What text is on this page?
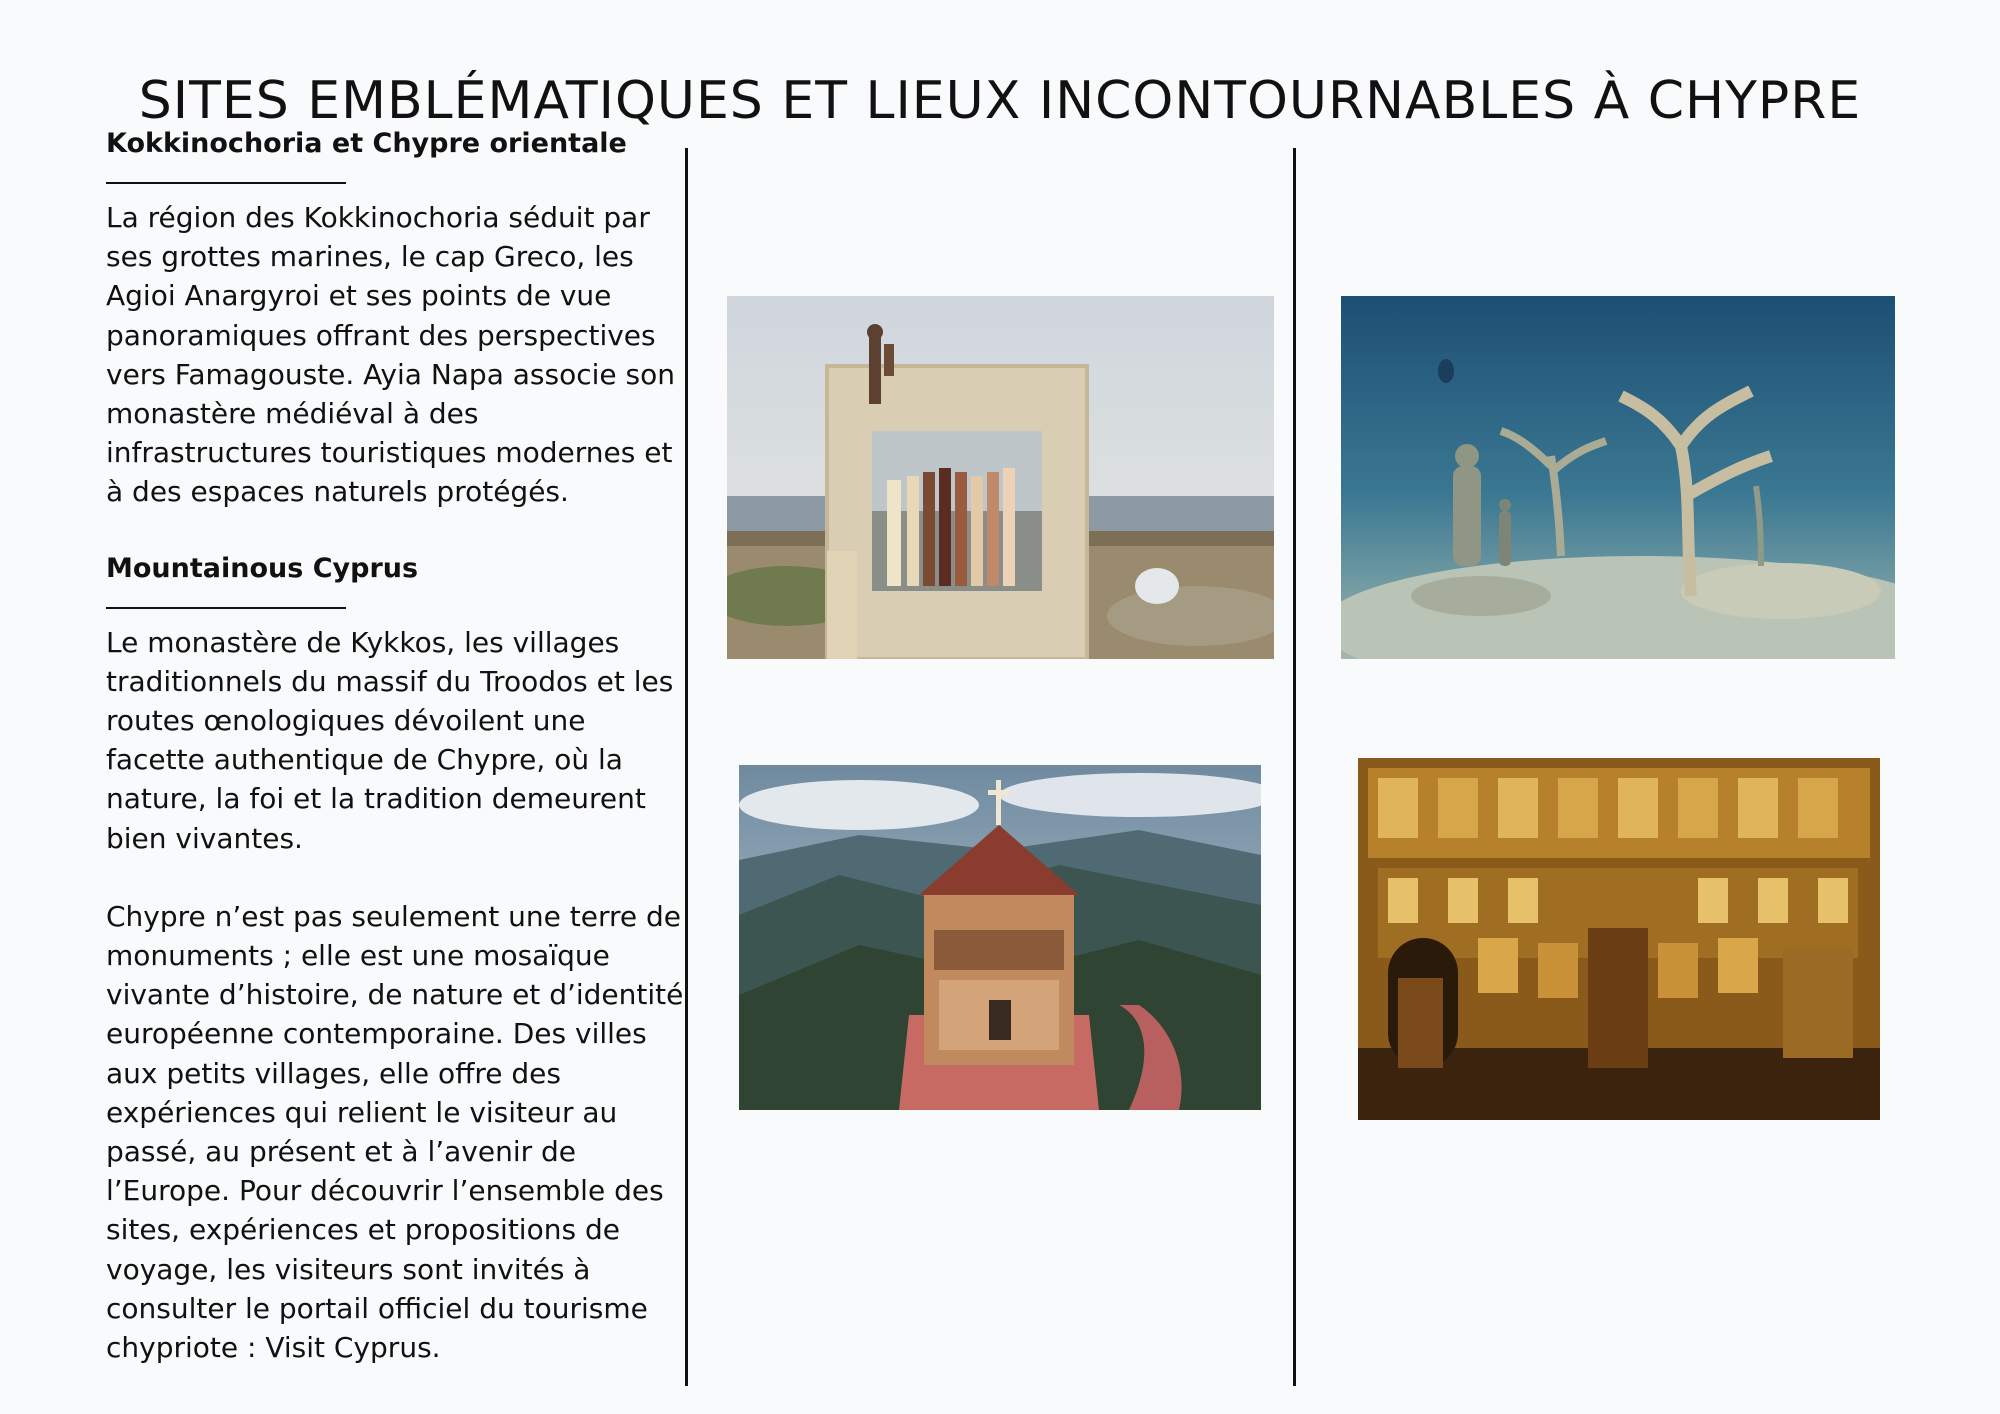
SITES EMBLÉMATIQUES ET LIEUX INCONTOURNABLES À CHYPRE
Kokkinochoria et Chypre orientale

La région des Kokkinochoria séduit par ses grottes marines, le cap Greco, les Agioi Anargyroi et ses points de vue panoramiques offrant des perspectives vers Famagouste. Ayia Napa associe son monastère médiéval à des infrastructures touristiques modernes et à des espaces naturels protégés.

Mountainous Cyprus

Le monastère de Kykkos, les villages traditionnels du massif du Troodos et les routes œnologiques dévoilent une facette authentique de Chypre, où la nature, la foi et la tradition demeurent bien vivantes.

Chypre n’est pas seulement une terre de monuments ; elle est une mosaïque vivante d’histoire, de nature et d’identité européenne contemporaine. Des villes aux petits villages, elle offre des expériences qui relient le visiteur au passé, au présent et à l’avenir de l’Europe. Pour découvrir l’ensemble des sites, expériences et propositions de voyage, les visiteurs sont invités à consulter le portail officiel du tourisme chypriote : Visit Cyprus.
